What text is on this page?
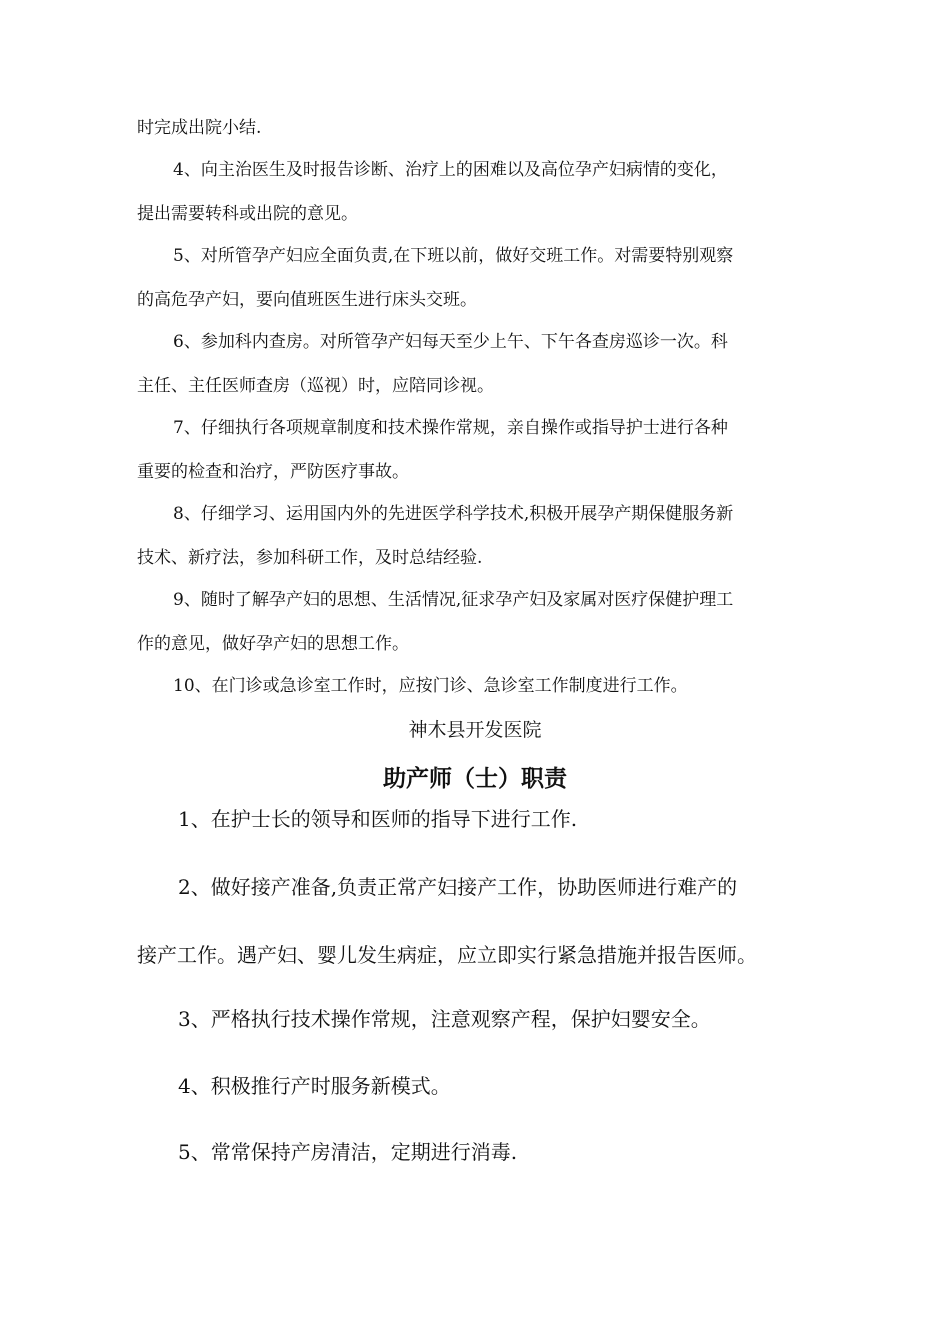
时完成出院小结.
4、向主治医生及时报告诊断、治疗上的困难以及高位孕产妇病情的变化，
提出需要转科或出院的意见。
5、对所管孕产妇应全面负责,在下班以前，做好交班工作。对需要特别观察
的高危孕产妇，要向值班医生进行床头交班。
6、参加科内查房。对所管孕产妇每天至少上午、下午各查房巡诊一次。科
主任、主任医师查房（巡视）时，应陪同诊视。
7、仔细执行各项规章制度和技术操作常规，亲自操作或指导护士进行各种
重要的检查和治疗，严防医疗事故。
8、仔细学习、运用国内外的先进医学科学技术,积极开展孕产期保健服务新
技术、新疗法，参加科研工作，及时总结经验.
9、随时了解孕产妇的思想、生活情况,征求孕产妇及家属对医疗保健护理工
作的意见，做好孕产妇的思想工作。
10、在门诊或急诊室工作时，应按门诊、急诊室工作制度进行工作。
神木县开发医院
助产师（士）职责
1、在护士长的领导和医师的指导下进行工作.
2、做好接产准备,负责正常产妇接产工作，协助医师进行难产的
接产工作。遇产妇、婴儿发生病症，应立即实行紧急措施并报告医师。
3、严格执行技术操作常规，注意观察产程，保护妇婴安全。
4、积极推行产时服务新模式。
5、常常保持产房清洁，定期进行消毒.
